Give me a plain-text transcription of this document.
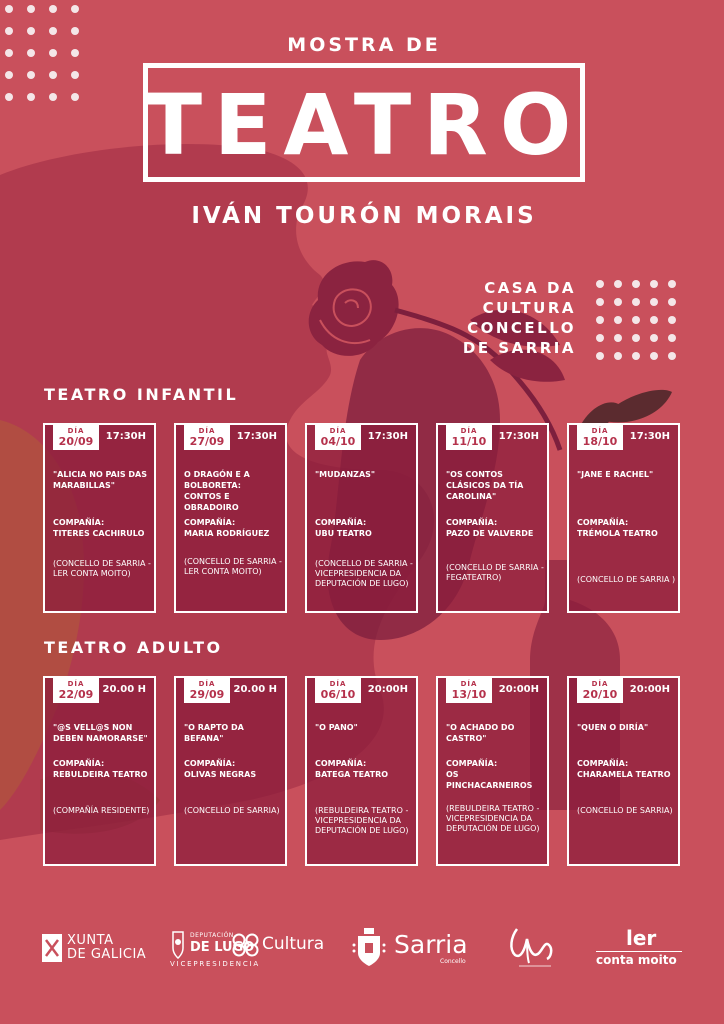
MOSTRA DE
TEATRO
IVÁN TOURÓN MORAIS
CASA DA
CULTURA
CONCELLO
DE SARRIA
TEATRO INFANTIL
TEATRO ADULTO
DÍA
20/09	17:30H
"ALICIA NO PAIS DAS MARABILLAS"
COMPAÑÍA:
TITERES CACHIRULO
(CONCELLO DE SARRIA - LER CONTA MOITO)
DÍA
27/09	17:30H
O DRAGÓN E A BOLBORETA: CONTOS E OBRADOIRO
COMPAÑÍA:
MARIA RODRÍGUEZ
(CONCELLO DE SARRIA - LER CONTA MOITO)
DÍA
04/10	17:30H
"MUDANZAS"
COMPAÑÍA:
UBU TEATRO
(CONCELLO DE SARRIA - VICEPRESIDENCIA DA DEPUTACIÓN DE LUGO)
DÍA
11/10	17:30H
"OS CONTOS CLÁSICOS DA TÍA CAROLINA"
COMPAÑÍA:
PAZO DE VALVERDE
(CONCELLO DE SARRIA - FEGATEATRO)
DÍA
18/10	17:30H
"JANE E RACHEL"
COMPAÑÍA:
TRÉMOLA TEATRO
(CONCELLO DE SARRIA )
DÍA
22/09 20.00 H
"@S VELL@S NON DEBEN NAMORARSE"
COMPAÑÍA:
REBULDEIRA TEATRO
(COMPAÑÍA RESIDENTE)
DÍA
29/09 20.00 H
"O RAPTO DA BEFANA"
COMPAÑÍA:
OLIVAS NEGRAS
(CONCELLO DE SARRIA)
DÍA
06/10	20:00H
"O PANO"
COMPAÑÍA:
BATEGA TEATRO
(REBULDEIRA TEATRO - VICEPRESIDENCIA DA DEPUTACIÓN DE LUGO)
DÍA
13/10	20:00H
"O ACHADO DO CASTRO"
COMPAÑÍA:
OS PINCHACARNEIROS
(REBULDEIRA TEATRO - VICEPRESIDENCIA DA DEPUTACIÓN DE LUGO)
DÍA
20/10	20:00H
"QUEN O DIRÍA"
COMPAÑÍA:
CHARAMELA TEATRO
(CONCELLO DE SARRIA)
XUNTA
DE GALICIA
DEPUTACIÓN
DE LUGO Cultura
VICEPRESIDENCIA
Sarria
Concello
ler
conta moito
